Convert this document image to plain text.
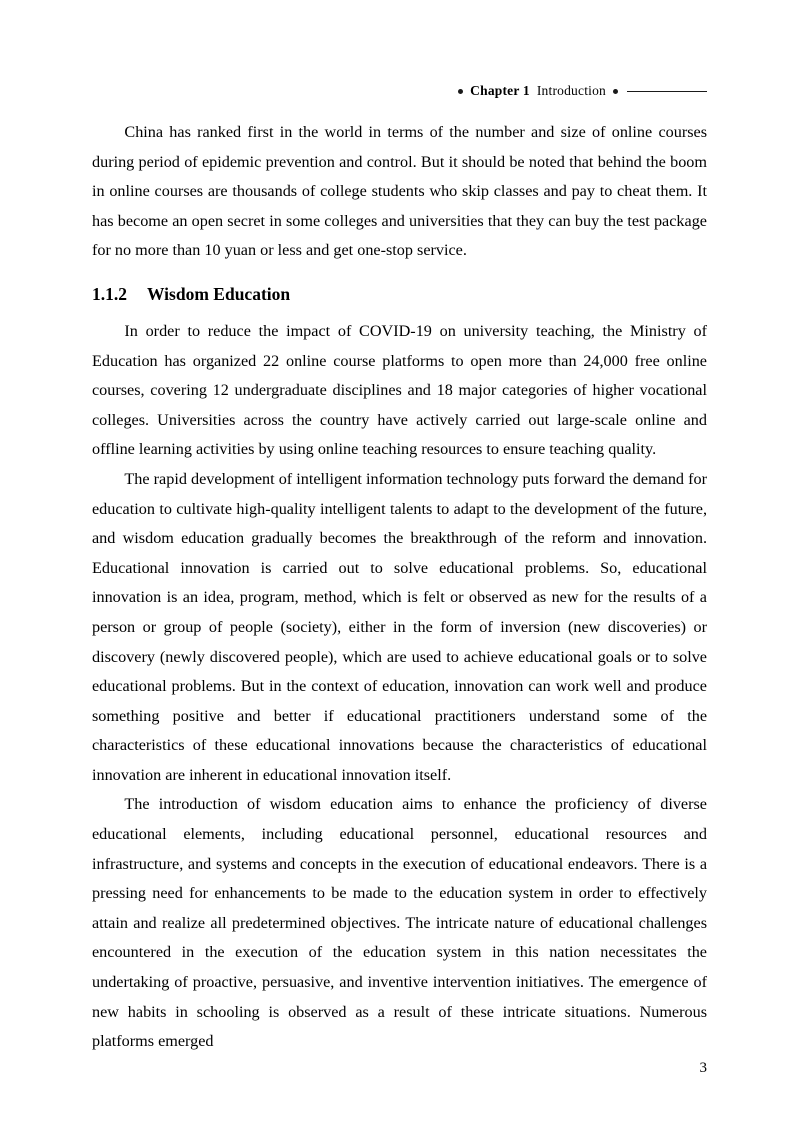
Chapter 1 Introduction

China has ranked first in the world in terms of the number and size of online courses during period of epidemic prevention and control. But it should be noted that behind the boom in online courses are thousands of college students who skip classes and pay to cheat them. It has become an open secret in some colleges and universities that they can buy the test package for no more than 10 yuan or less and get one-stop service.

1.1.2 Wisdom Education

In order to reduce the impact of COVID-19 on university teaching, the Ministry of Education has organized 22 online course platforms to open more than 24,000 free online courses, covering 12 undergraduate disciplines and 18 major categories of higher vocational colleges. Universities across the country have actively carried out large-scale online and offline learning activities by using online teaching resources to ensure teaching quality.

The rapid development of intelligent information technology puts forward the demand for education to cultivate high-quality intelligent talents to adapt to the development of the future, and wisdom education gradually becomes the breakthrough of the reform and innovation. Educational innovation is carried out to solve educational problems. So, educational innovation is an idea, program, method, which is felt or observed as new for the results of a person or group of people (society), either in the form of inversion (new discoveries) or discovery (newly discovered people), which are used to achieve educational goals or to solve educational problems. But in the context of education, innovation can work well and produce something positive and better if educational practitioners understand some of the characteristics of these educational innovations because the characteristics of educational innovation are inherent in educational innovation itself.

The introduction of wisdom education aims to enhance the proficiency of diverse educational elements, including educational personnel, educational resources and infrastructure, and systems and concepts in the execution of educational endeavors. There is a pressing need for enhancements to be made to the education system in order to effectively attain and realize all predetermined objectives. The intricate nature of educational challenges encountered in the execution of the education system in this nation necessitates the undertaking of proactive, persuasive, and inventive intervention initiatives. The emergence of new habits in schooling is observed as a result of these intricate situations. Numerous platforms emerged

3
